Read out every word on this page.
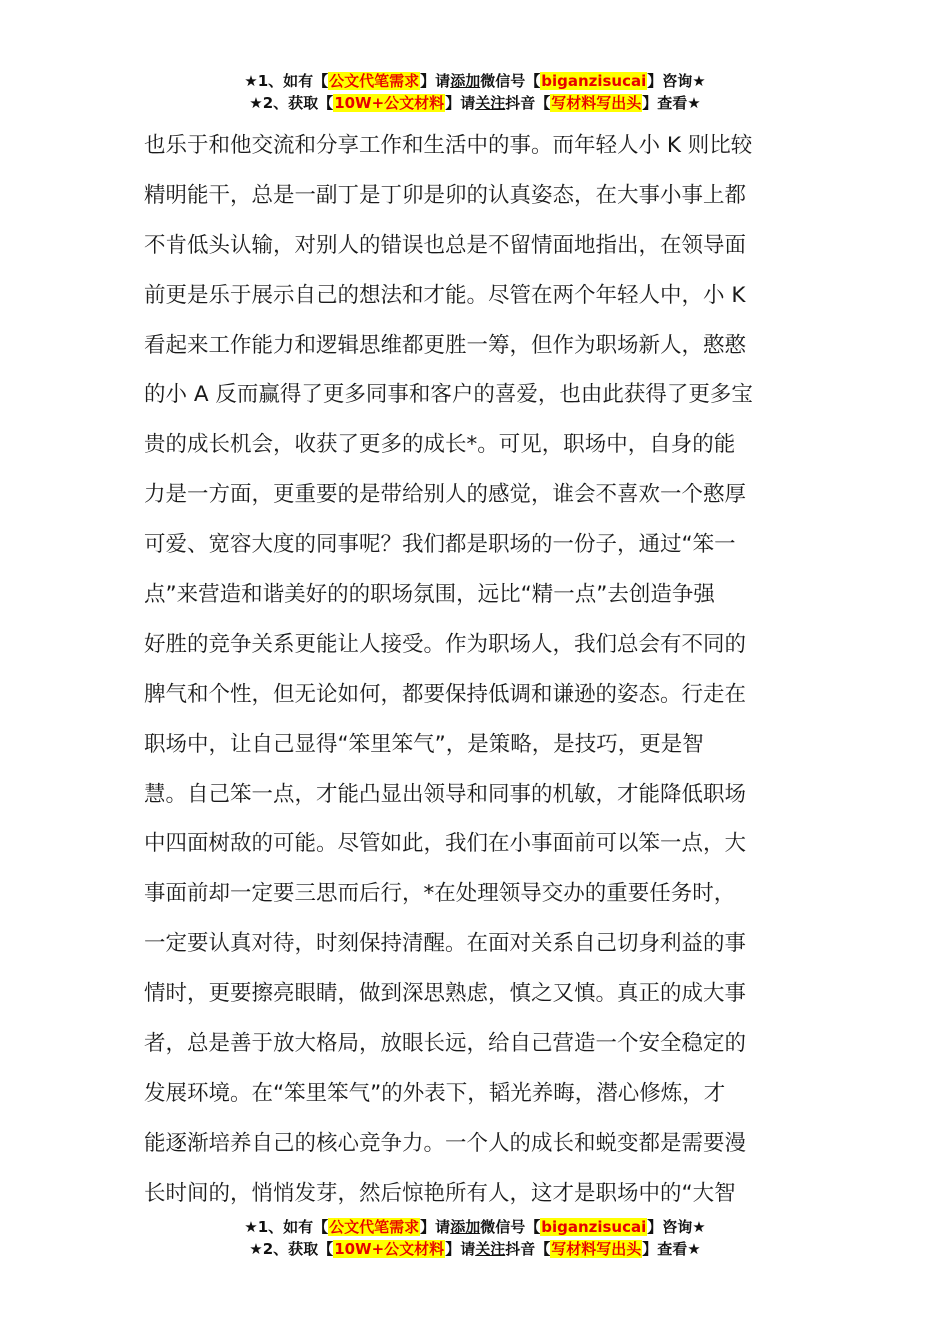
★1、如有【公文代笔需求】请添加微信号【biganzisucai】咨询★
★2、获取【10W+公文材料】请关注抖音【写材料写出头】查看★
也乐于和他交流和分享工作和生活中的事。而年轻人小 K 则比较
精明能干，总是一副丁是丁卯是卯的认真姿态，在大事小事上都
不肯低头认输，对别人的错误也总是不留情面地指出，在领导面
前更是乐于展示自己的想法和才能。尽管在两个年轻人中，小 K
看起来工作能力和逻辑思维都更胜一筹，但作为职场新人，憨憨
的小 A 反而赢得了更多同事和客户的喜爱，也由此获得了更多宝
贵的成长机会，收获了更多的成长*。可见，职场中，自身的能
力是一方面，更重要的是带给别人的感觉，谁会不喜欢一个憨厚
可爱、宽容大度的同事呢？我们都是职场的一份子，通过“笨一
点”来营造和谐美好的的职场氛围，远比“精一点”去创造争强
好胜的竞争关系更能让人接受。作为职场人，我们总会有不同的
脾气和个性，但无论如何，都要保持低调和谦逊的姿态。行走在
职场中，让自己显得“笨里笨气”，是策略，是技巧，更是智
慧。自己笨一点，才能凸显出领导和同事的机敏，才能降低职场
中四面树敌的可能。尽管如此，我们在小事面前可以笨一点，大
事面前却一定要三思而后行，*在处理领导交办的重要任务时，
一定要认真对待，时刻保持清醒。在面对关系自己切身利益的事
情时，更要擦亮眼睛，做到深思熟虑，慎之又慎。真正的成大事
者，总是善于放大格局，放眼长远，给自己营造一个安全稳定的
发展环境。在“笨里笨气”的外表下，韬光养晦，潜心修炼，才
能逐渐培养自己的核心竞争力。一个人的成长和蜕变都是需要漫
长时间的，悄悄发芽，然后惊艳所有人，这才是职场中的“大智
★1、如有【公文代笔需求】请添加微信号【biganzisucai】咨询★
★2、获取【10W+公文材料】请关注抖音【写材料写出头】查看★
